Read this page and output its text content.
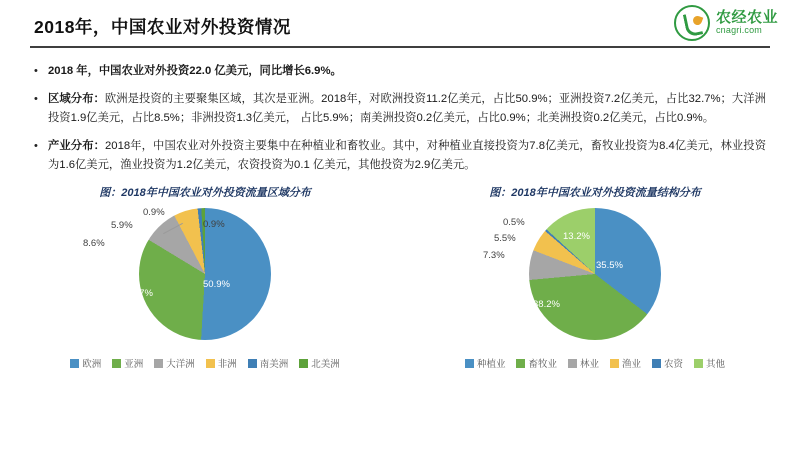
2018年，中国农业对外投资情况	农经农业
cnagri.com
• 2018 年，中国农业对外投资22.0 亿美元，同比增长6.9%。
• 区域分布：欧洲是投资的主要聚集区域，其次是亚洲。2018年，对欧洲投资11.2亿美元，占比50.9%；亚洲投资7.2亿美元，占比32.7%；大洋洲投资1.9亿美元，占比8.5%；非洲投资1.3亿美元， 占比5.9%；南美洲投资0.2亿美元，占比0.9%；北美洲投资0.2亿美元，占比0.9%。
• 产业分布：2018年，中国农业对外投资主要集中在种植业和畜牧业。其中，对种植业直接投资为7.8亿美元，畜牧业投资为8.4亿美元，林业投资为1.6亿美元，渔业投资为1.2亿美元，农资投资为0.1 亿美元，其他投资为2.9亿美元。
图：2018年中国农业对外投资流量区域分布
50.9%
32.7%
8.6%
5.9%
0.9%
0.9%
欧洲 亚洲 大洋洲 非洲 南美洲 北美洲
图：2018年中国农业对外投资流量结构分布
35.5%
38.2%
7.3%
5.5%
0.5%
13.2%
种植业 畜牧业 林业 渔业 农资 其他
